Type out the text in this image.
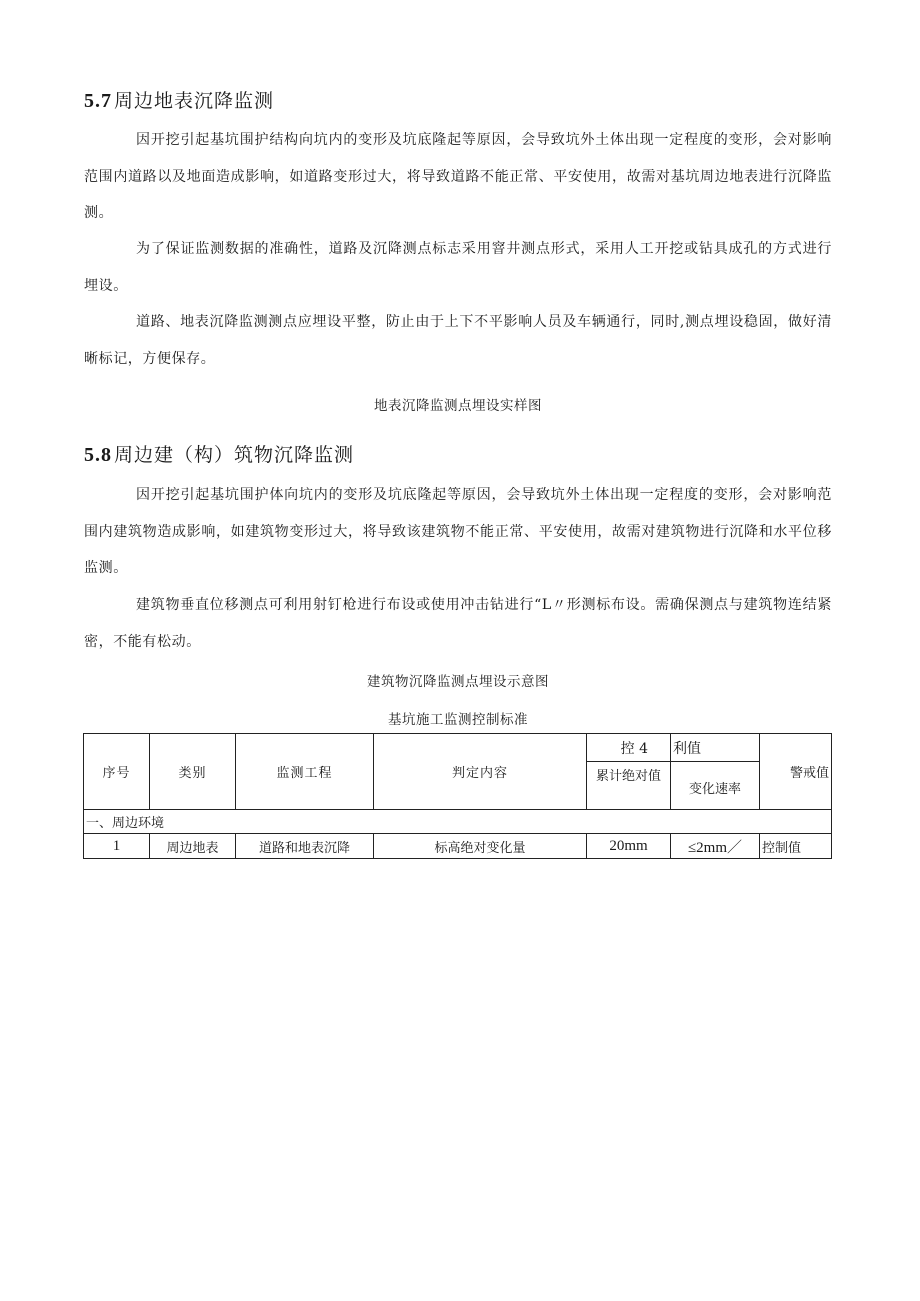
5.7 周边地表沉降监测

因开挖引起基坑围护结构向坑内的变形及坑底隆起等原因，会导致坑外土体出现一定程度的变形，会对影响范围内道路以及地面造成影响，如道路变形过大，将导致道路不能正常、平安使用，故需对基坑周边地表进行沉降监测。

为了保证监测数据的准确性，道路及沉降测点标志采用窨井测点形式，采用人工开挖或钻具成孔的方式进行埋设。

道路、地表沉降监测测点应埋设平整，防止由于上下不平影响人员及车辆通行，同时,测点埋设稳固，做好清晰标记，方便保存。

地表沉降监测点埋设实样图

5.8 周边建（构）筑物沉降监测

因开挖引起基坑围护体向坑内的变形及坑底隆起等原因，会导致坑外土体出现一定程度的变形，会对影响范围内建筑物造成影响，如建筑物变形过大，将导致该建筑物不能正常、平安使用，故需对建筑物进行沉降和水平位移监测。

建筑物垂直位移测点可利用射钉枪进行布设或使用冲击钻进行“L〃形测标布设。需确保测点与建筑物连结紧密，不能有松动。

建筑物沉降监测点埋设示意图

基坑施工监测控制标准

序号	类别	监测工程	判定内容	控 4	利值	警戒值
				累计绝对值	变化速率	
一、周边环境						
1	周边地表	道路和地表沉降	标高绝对变化量	20mm	≤2mm／	控制值
